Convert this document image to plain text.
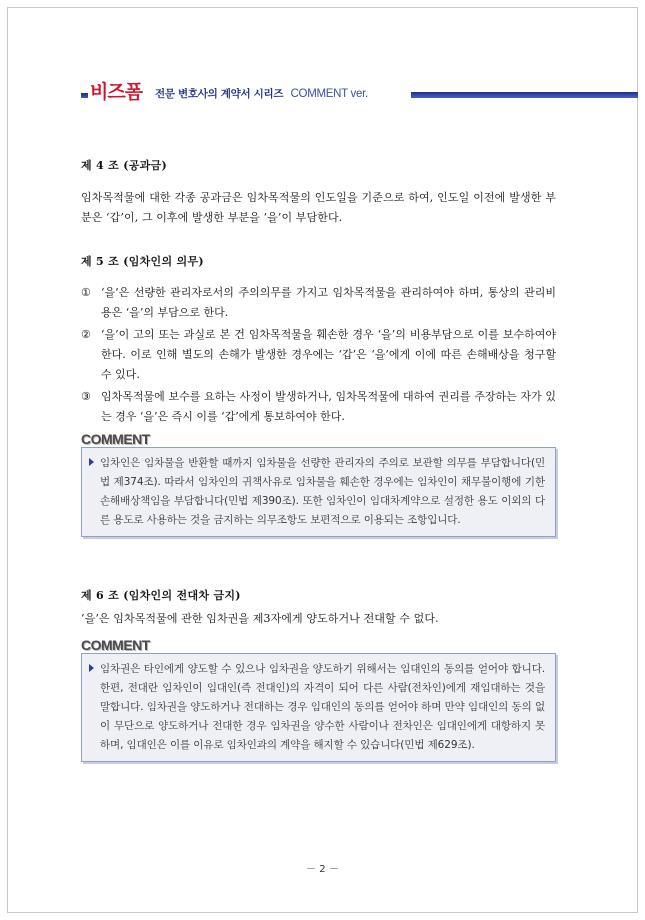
비즈폼 전문 변호사의 계약서 시리즈 COMMENT ver.
제 4 조 (공과금)
임차목적물에 대한 각종 공과금은 임차목적물의 인도일을 기준으로 하여, 인도일 이전에 발생한 부분은 ‘갑’이, 그 이후에 발생한 부분을 ‘을’이 부담한다.
제 5 조 (임차인의 의무)
① ‘을’은 선량한 관리자로서의 주의의무를 가지고 임차목적물을 관리하여야 하며, 통상의 관리비용은 ‘을’의 부담으로 한다.
② ‘을’이 고의 또는 과실로 본 건 임차목적물을 훼손한 경우 ‘을’의 비용부담으로 이를 보수하여야 한다. 이로 인해 별도의 손해가 발생한 경우에는 ‘갑’은 ‘을’에게 이에 따른 손해배상을 청구할 수 있다.
③ 임차목적물에 보수를 요하는 사정이 발생하거나, 임차목적물에 대하여 권리를 주장하는 자가 있는 경우 ‘을’은 즉시 이를 ‘갑’에게 통보하여야 한다.
COMMENT
임차인은 임차물을 반환할 때까지 임차물을 선량한 관리자의 주의로 보관할 의무를 부담합니다(민법 제374조). 따라서 임차인의 귀책사유로 임차물을 훼손한 경우에는 임차인이 채무불이행에 기한 손해배상책임을 부담합니다(민법 제390조). 또한 임차인이 임대차계약으로 설정한 용도 이외의 다른 용도로 사용하는 것을 금지하는 의무조항도 보편적으로 이용되는 조항입니다.
제 6 조 (임차인의 전대차 금지)
‘을’은 임차목적물에 관한 임차권을 제3자에게 양도하거나 전대할 수 없다.
COMMENT
임차권은 타인에게 양도할 수 있으나 임차권을 양도하기 위해서는 임대인의 동의를 얻어야 합니다. 한편, 전대란 임차인이 임대인(즉 전대인)의 자격이 되어 다른 사람(전차인)에게 재임대하는 것을 말합니다. 임차권을 양도하거나 전대하는 경우 임대인의 동의를 얻어야 하며 만약 임대인의 동의 없이 무단으로 양도하거나 전대한 경우 임차권을 양수한 사람이나 전차인은 임대인에게 대항하지 못하며, 임대인은 이를 이유로 임차인과의 계약을 해지할 수 있습니다(민법 제629조).
－ 2 －
